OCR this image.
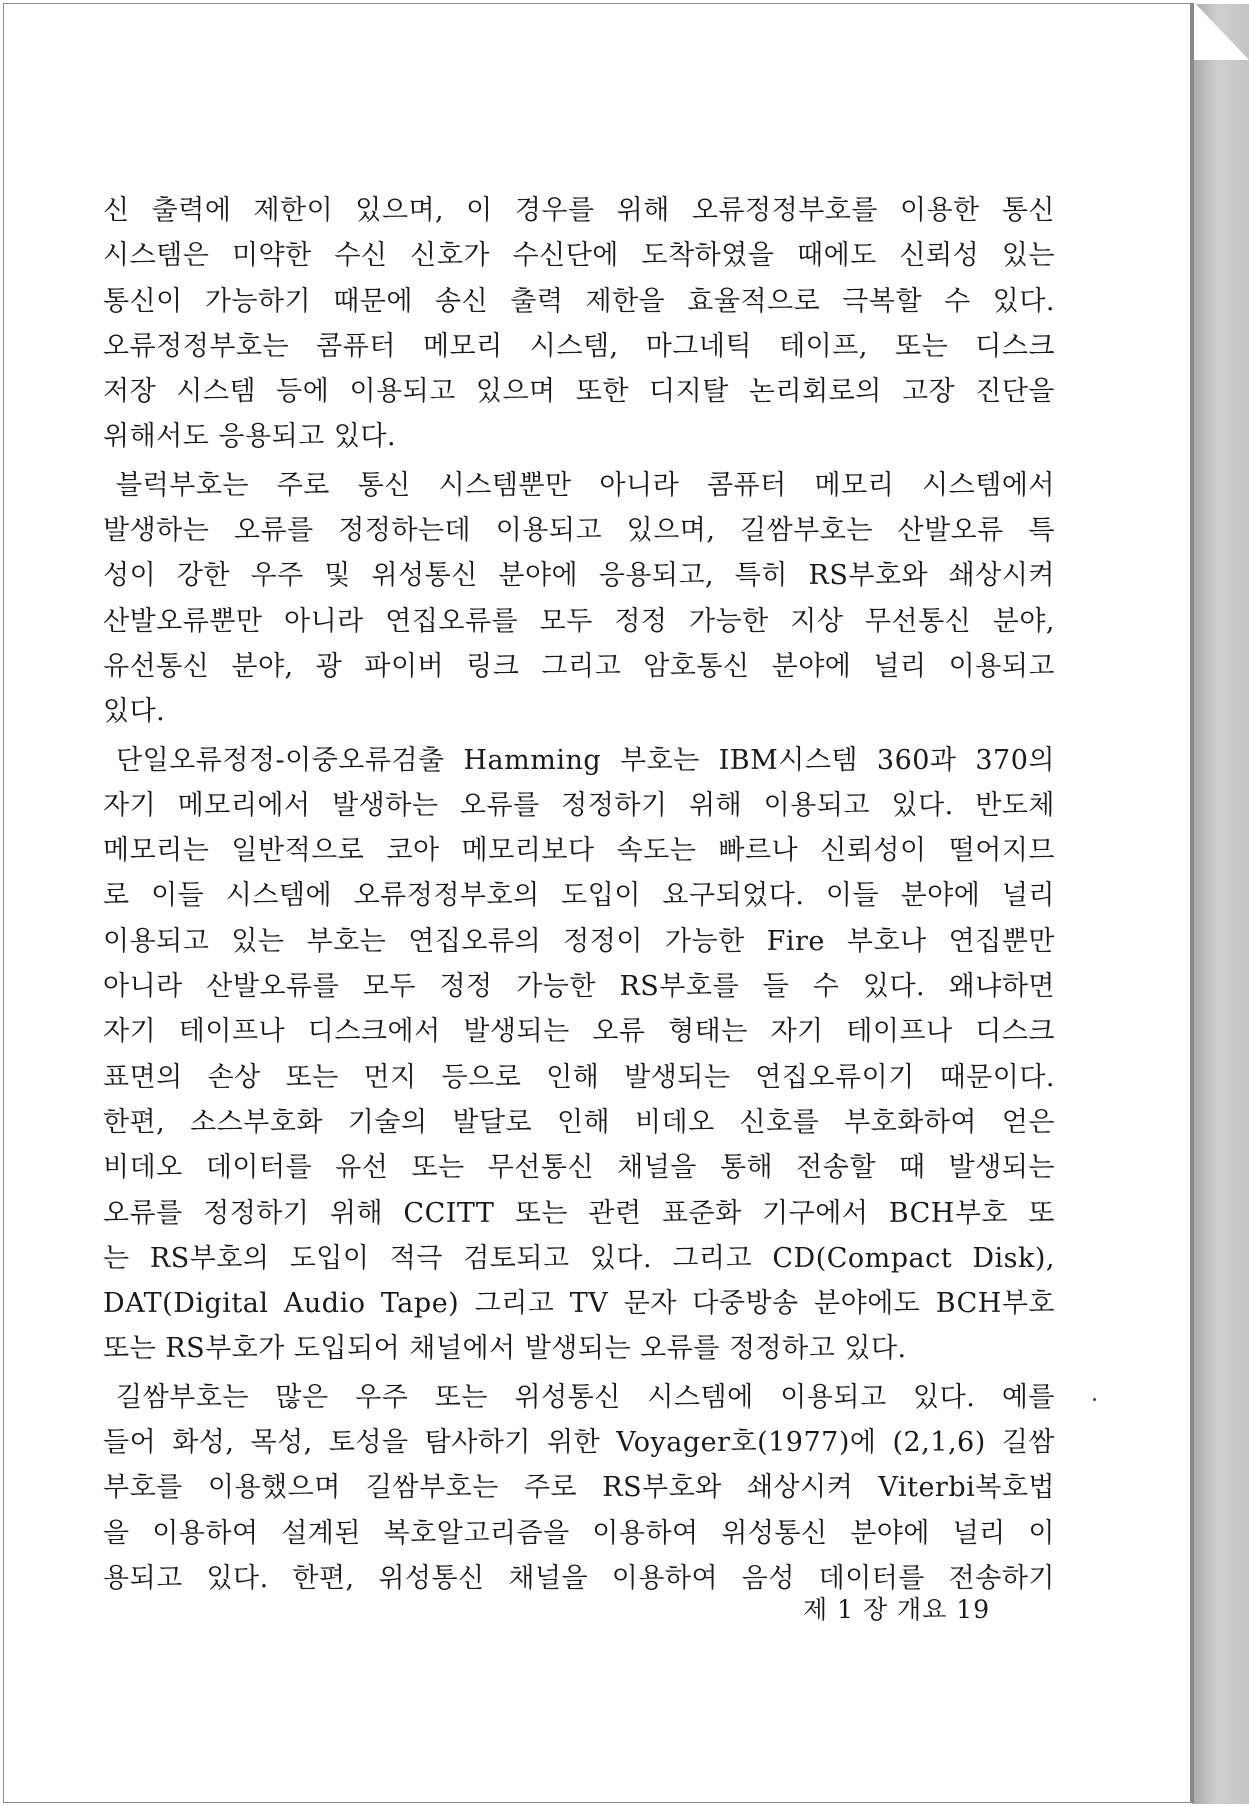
신 출력에 제한이 있으며, 이 경우를 위해 오류정정부호를 이용한 통신
시스템은 미약한 수신 신호가 수신단에 도착하였을 때에도 신뢰성 있는
통신이 가능하기 때문에 송신 출력 제한을 효율적으로 극복할 수 있다.
오류정정부호는 콤퓨터 메모리 시스템, 마그네틱 테이프, 또는 디스크
저장 시스템 등에 이용되고 있으며 또한 디지탈 논리회로의 고장 진단을
위해서도 응용되고 있다.
블럭부호는 주로 통신 시스템뿐만 아니라 콤퓨터 메모리 시스템에서
발생하는 오류를 정정하는데 이용되고 있으며, 길쌈부호는 산발오류 특
성이 강한 우주 및 위성통신 분야에 응용되고, 특히 RS부호와 쇄상시켜
산발오류뿐만 아니라 연집오류를 모두 정정 가능한 지상 무선통신 분야,
유선통신 분야, 광 파이버 링크 그리고 암호통신 분야에 널리 이용되고
있다.
단일오류정정-이중오류검출 Hamming 부호는 IBM시스템 360과 370의
자기 메모리에서 발생하는 오류를 정정하기 위해 이용되고 있다. 반도체
메모리는 일반적으로 코아 메모리보다 속도는 빠르나 신뢰성이 떨어지므
로 이들 시스템에 오류정정부호의 도입이 요구되었다. 이들 분야에 널리
이용되고 있는 부호는 연집오류의 정정이 가능한 Fire 부호나 연집뿐만
아니라 산발오류를 모두 정정 가능한 RS부호를 들 수 있다. 왜냐하면
자기 테이프나 디스크에서 발생되는 오류 형태는 자기 테이프나 디스크
표면의 손상 또는 먼지 등으로 인해 발생되는 연집오류이기 때문이다.
한편, 소스부호화 기술의 발달로 인해 비데오 신호를 부호화하여 얻은
비데오 데이터를 유선 또는 무선통신 채널을 통해 전송할 때 발생되는
오류를 정정하기 위해 CCITT 또는 관련 표준화 기구에서 BCH부호 또
는 RS부호의 도입이 적극 검토되고 있다. 그리고 CD(Compact Disk),
DAT(Digital Audio Tape) 그리고 TV 문자 다중방송 분야에도 BCH부호
또는 RS부호가 도입되어 채널에서 발생되는 오류를 정정하고 있다.
길쌈부호는 많은 우주 또는 위성통신 시스템에 이용되고 있다. 예를
들어 화성, 목성, 토성을 탐사하기 위한 Voyager호(1977)에 (2,1,6) 길쌈
부호를 이용했으며 길쌈부호는 주로 RS부호와 쇄상시켜 Viterbi복호법
을 이용하여 설계된 복호알고리즘을 이용하여 위성통신 분야에 널리 이
용되고 있다. 한편, 위성통신 채널을 이용하여 음성 데이터를 전송하기
제 1 장 개요 19
